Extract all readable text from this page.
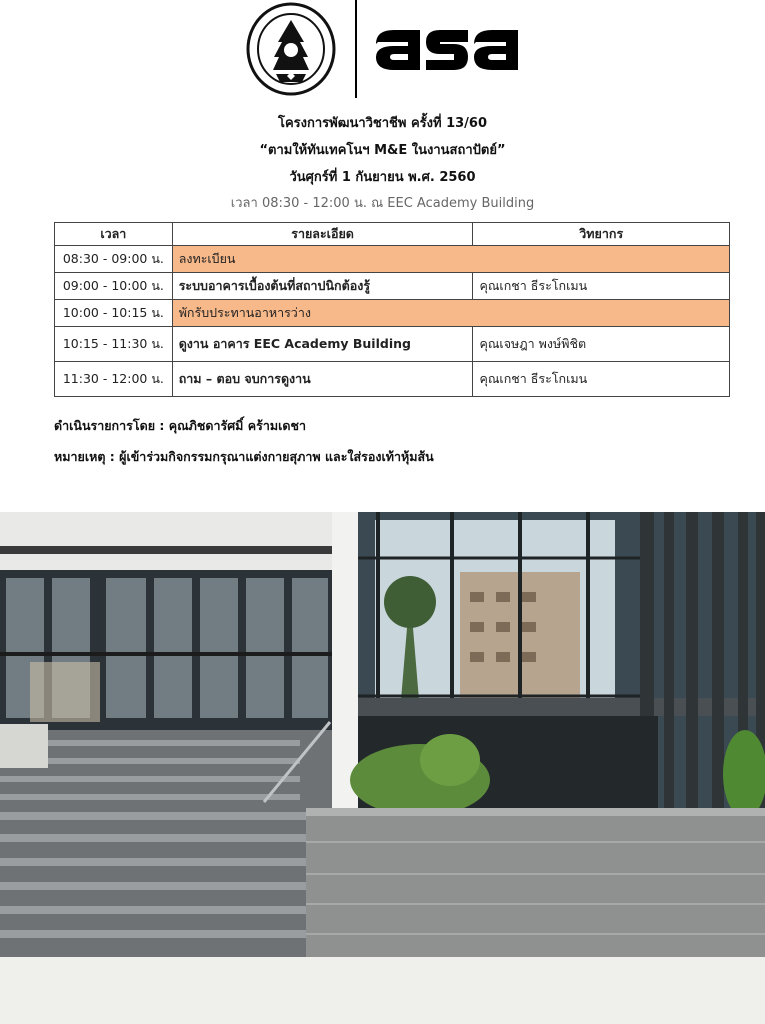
โครงการพัฒนาวิชาชีพ ครั้งที่ 13/60
“ตามให้ทันเทคโนฯ M&E ในงานสถาปัตย์”
วันศุกร์ที่ 1 กันยายน พ.ศ. 2560
เวลา 08:30 - 12:00 น. ณ EEC Academy Building
เวลา	รายละเอียด	วิทยากร
08:30 - 09:00 น.	ลงทะเบียน	
09:00 - 10:00 น.	ระบบอาคารเบื้องต้นที่สถาปนิกต้องรู้	คุณเกชา ธีระโกเมน
10:00 - 10:15 น.	พักรับประทานอาหารว่าง	
10:15 - 11:30 น.	ดูงาน อาคาร EEC Academy Building	คุณเจษฎา พงษ์พิชิต
11:30 - 12:00 น.	ถาม – ตอบ จบการดูงาน	คุณเกชา ธีระโกเมน
ดำเนินรายการโดย : คุณภิชดารัศมิ์ คร้ามเดชา
หมายเหตุ : ผู้เข้าร่วมกิจกรรมกรุณาแต่งกายสุภาพ และใส่รองเท้าหุ้มส้น
